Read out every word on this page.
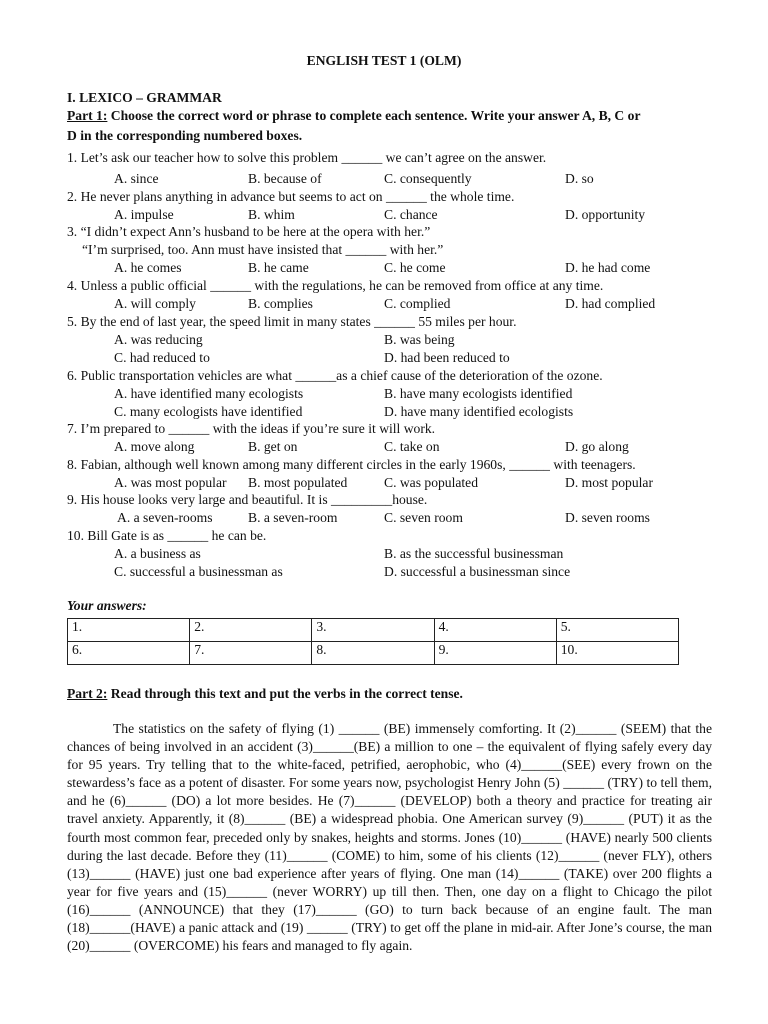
ENGLISH TEST 1 (OLM)
I. LEXICO – GRAMMAR
Part 1: Choose the correct word or phrase to complete each sentence. Write your answer A, B, C or
D in the corresponding numbered boxes.
1. Let’s ask our teacher how to solve this problem ______ we can’t agree on the answer.
A. since	B. because of	C. consequently	D. so
2. He never plans anything in advance but seems to act on ______ the whole time.
A. impulse	B. whim	C. chance	D. opportunity
3. “I didn’t expect Ann’s husband to be here at the opera with her.”
“I’m surprised, too. Ann must have insisted that ______ with her.”
A. he comes	B. he came	C. he come	D. he had come
4. Unless a public official ______ with the regulations, he can be removed from office at any time.
A. will comply	B. complies	C. complied	D. had complied
5. By the end of last year, the speed limit in many states ______ 55 miles per hour.
A. was reducing	B. was being
C. had reduced to	D. had been reduced to
6. Public transportation vehicles are what ______as a chief cause of the deterioration of the ozone.
A. have identified many ecologists	B. have many ecologists identified
C. many ecologists have identified	D. have many identified ecologists
7. I’m prepared to ______ with the ideas if you’re sure it will work.
A. move along	B. get on	C. take on	D. go along
8. Fabian, although well known among many different circles in the early 1960s, ______ with teenagers.
A. was most popular B. most populated	C. was populated	D. most popular
9. His house looks very large and beautiful. It is _________house.
A. a seven-rooms	B. a seven-room	C. seven room	D. seven rooms
10. Bill Gate is as ______ he can be.
A. a business as	B. as the successful businessman
C. successful a businessman as	D. successful a businessman since
Your answers:
1.	2.	3.	4.	5.
6.	7.	8.	9.	10.
Part 2: Read through this text and put the verbs in the correct tense.
The statistics on the safety of flying (1) ______ (BE) immensely comforting. It (2)______ (SEEM) that the chances of being involved in an accident (3)______(BE) a million to one – the equivalent of flying safely every day for 95 years. Try telling that to the white-faced, petrified, aerophobic, who (4)______(SEE) every frown on the stewardess’s face as a potent of disaster. For some years now, psychologist Henry John (5) ______ (TRY) to tell them, and he (6)______ (DO) a lot more besides. He (7)______ (DEVELOP) both a theory and practice for treating air travel anxiety. Apparently, it (8)______ (BE) a widespread phobia. One American survey (9)______ (PUT) it as the fourth most common fear, preceded only by snakes, heights and storms. Jones (10)______ (HAVE) nearly 500 clients during the last decade. Before they (11)______ (COME) to him, some of his clients (12)______ (never FLY), others (13)______ (HAVE) just one bad experience after years of flying. One man (14)______ (TAKE) over 200 flights a year for five years and (15)______ (never WORRY) up till then. Then, one day on a flight to Chicago the pilot (16)______ (ANNOUNCE) that they (17)______ (GO) to turn back because of an engine fault. The man (18)______(HAVE) a panic attack and (19) ______ (TRY) to get off the plane in mid-air. After Jone’s course, the man (20)______ (OVERCOME) his fears and managed to fly again.
